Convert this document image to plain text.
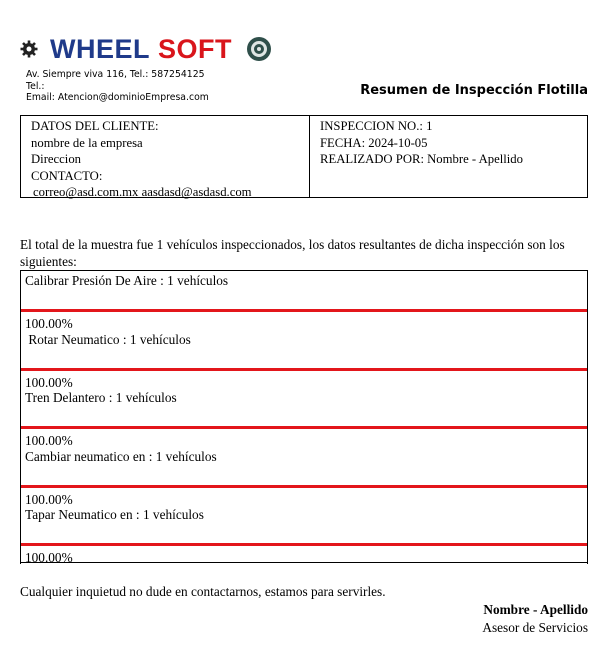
WHEEL SOFT
Av. Siempre viva 116, Tel.: 587254125
Tel.:
Email: Atencion@dominioEmpresa.com	Resumen de Inspección Flotilla
DATOS DEL CLIENTE:
nombre de la empresa
Direccion
CONTACTO:
correo@asd.com.mx aasdasd@asdasd.com
INSPECCION NO.: 1
FECHA: 2024-10-05
REALIZADO POR: Nombre - Apellido
El total de la muestra fue 1 vehículos inspeccionados, los datos resultantes de dicha inspección son los siguientes:
Calibrar Presión De Aire : 1 vehículos
100.00%
Rotar Neumatico : 1 vehículos
100.00%
Tren Delantero : 1 vehículos
100.00%
Cambiar neumatico en : 1 vehículos
100.00%
Tapar Neumatico en : 1 vehículos
100.00%
Cualquier inquietud no dude en contactarnos, estamos para servirles.
Nombre - Apellido
Asesor de Servicios
